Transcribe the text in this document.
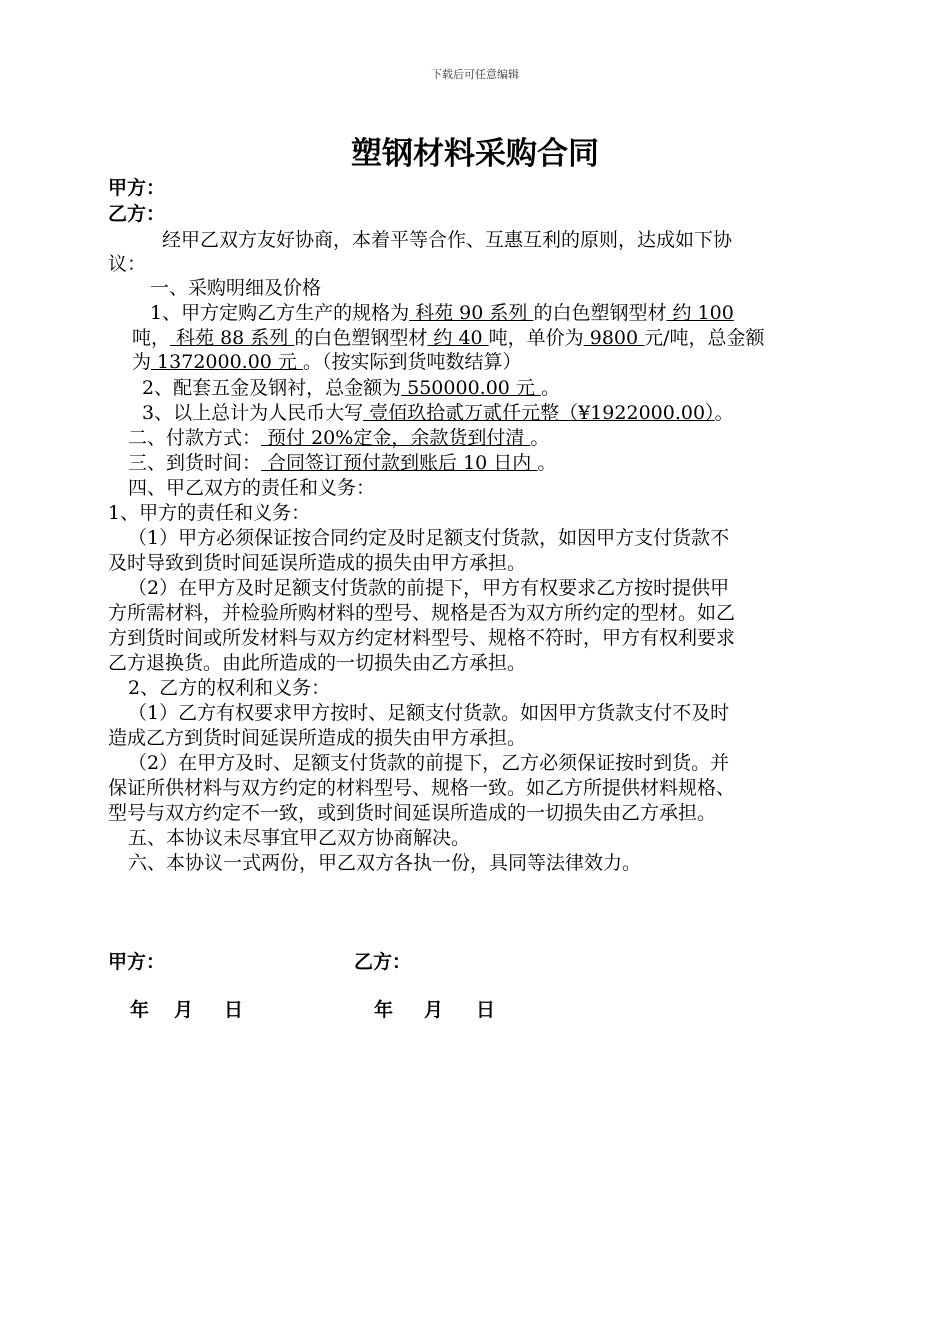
下载后可任意编辑
塑钢材料采购合同
甲方：
乙方：
经甲乙双方友好协商，本着平等合作、互惠互利的原则，达成如下协
议：
一、采购明细及价格
1、甲方定购乙方生产的规格为 科苑 90 系列 的白色塑钢型材 约 100
吨， 科苑 88 系列 的白色塑钢型材 约 40 吨，单价为 9800 元/吨，总金额
为 1372000.00 元 。（按实际到货吨数结算）
2、配套五金及钢衬，总金额为 550000.00 元 。
3、以上总计为人民币大写 壹佰玖拾贰万贰仟元整（¥1922000.00）。
二、付款方式： 预付 20%定金，余款货到付清 。
三、到货时间： 合同签订预付款到账后 10 日内 。
四、甲乙双方的责任和义务：
1、甲方的责任和义务：
（1）甲方必须保证按合同约定及时足额支付货款，如因甲方支付货款不
及时导致到货时间延误所造成的损失由甲方承担。
（2）在甲方及时足额支付货款的前提下，甲方有权要求乙方按时提供甲
方所需材料，并检验所购材料的型号、规格是否为双方所约定的型材。如乙
方到货时间或所发材料与双方约定材料型号、规格不符时，甲方有权利要求
乙方退换货。由此所造成的一切损失由乙方承担。
2、乙方的权利和义务：
（1）乙方有权要求甲方按时、足额支付货款。如因甲方货款支付不及时
造成乙方到货时间延误所造成的损失由甲方承担。
（2）在甲方及时、足额支付货款的前提下，乙方必须保证按时到货。并
保证所供材料与双方约定的材料型号、规格一致。如乙方所提供材料规格、
型号与双方约定不一致，或到货时间延误所造成的一切损失由乙方承担。
五、本协议未尽事宜甲乙双方协商解决。
六、本协议一式两份，甲乙双方各执一份，具同等法律效力。
甲方：	乙方：
年 月 日	年 月 日
